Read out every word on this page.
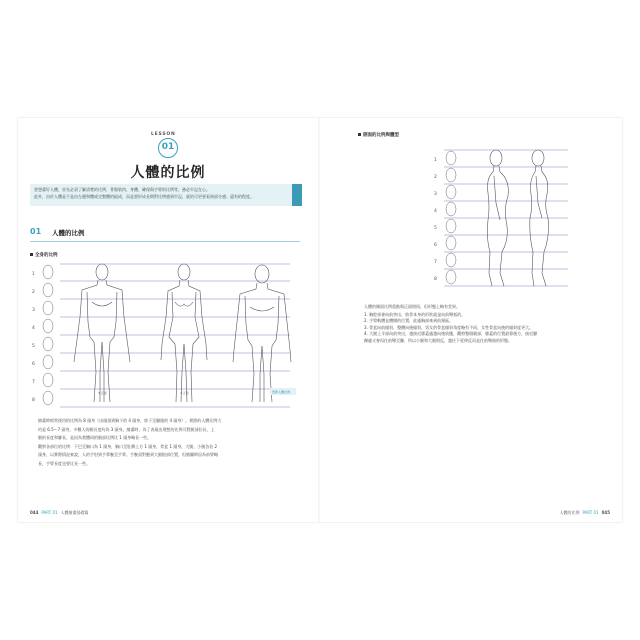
LESSON
01
人體的比例

要想畫好人體，首先必須了解清楚的比例、骨骼肌肉、身體、確保與手臂的比例等，務必牢記在心。

此外，由於人體是不是由左邊和體或完整體的組成，而是要形成長期對比例感到牢記，就的可更要看到部分感、還有的程度。

01 人體的比例
全身的比例
1
2
3
4
5
6
7
8
★正面	★正面	實際人體比例

繪畫時經常使用的比例為 8 頭身（由頭頂到胸下的 4 頭身，胯下至腳跟的 4 頭身）。實際的人體比例大

約是 6.5～7 頭身，多數人的腿長度約為 3 頭身。繪畫時，為了表現出理想的比例可將腿部拉長，上

腿的長度和腳長，是因為我體同的腿部比例比 1 頭身略長一些。

觀察各部位的比例：下巴至胸口為 1 頭身，胸口至肚臍上方 1 頭身，骨盆 1 頭身，大腿、小腿各佔 2

頭身，以實際情況來說，人的手肘到手掌腕至手掌。手腕須對應到大腿根部位置，但繪圖時因為前臂略

長，手臂長度也要比長一些。

044 PART 01 人體繪畫基礎篇
側面的比例與體型
1
2
3
4
5
6
7
8

人體的側面比例重點與正面相同，但形態上略有差異。

1. 胸腔部會向前突出，肋骨本身的形狀就是向前彎弧的。

2. 手臂軌體並體側的位置，此處胸部來到前頸區。

3. 骨盆向前傾斜，整體向後傾斜，男女的骨盆傾斜角度略有不同，女性骨盆向後的傾斜度更大。

4. 大腿上半部向前突出，越接近膝蓋處越向後收攏，觀察整個腿部，膝蓋的位置最靠後方，接近腳

踝處又會再往前彎至腳，所以小腿和大腿相反，越往下延伸反而是往前彎曲的形態。

人體的比例 PART 01 045
